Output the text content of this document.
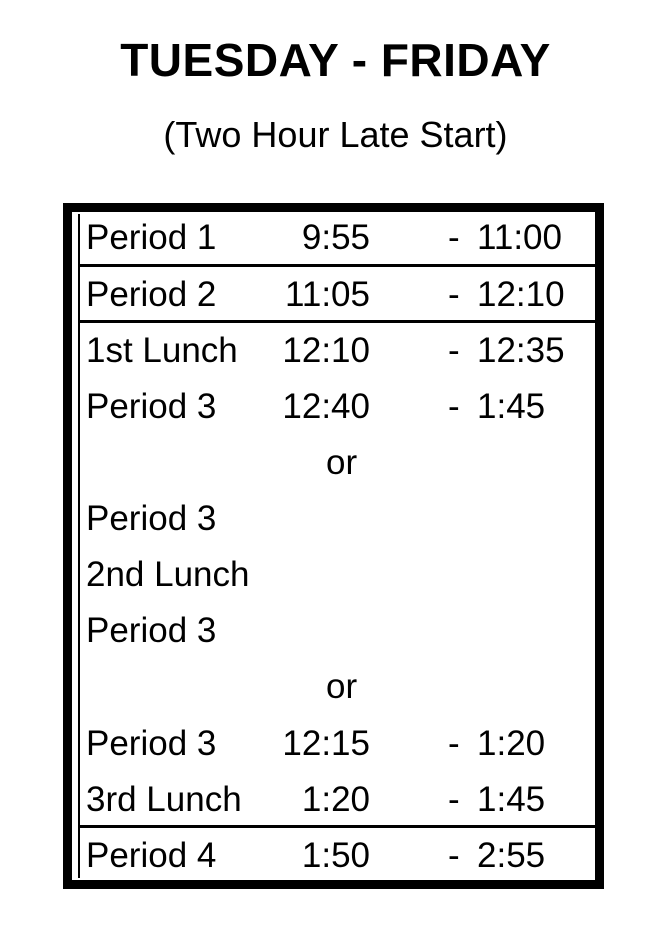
TUESDAY - FRIDAY
(Two Hour Late Start)
Period 1 9:55 - 11:00
Period 2 11:05 - 12:10
1st Lunch 12:10 - 12:35
Period 3 12:40 - 1:45
or
Period 3
2nd Lunch
Period 3
or
Period 3 12:15 - 1:20
3rd Lunch 1:20 - 1:45
Period 4 1:50 - 2:55
